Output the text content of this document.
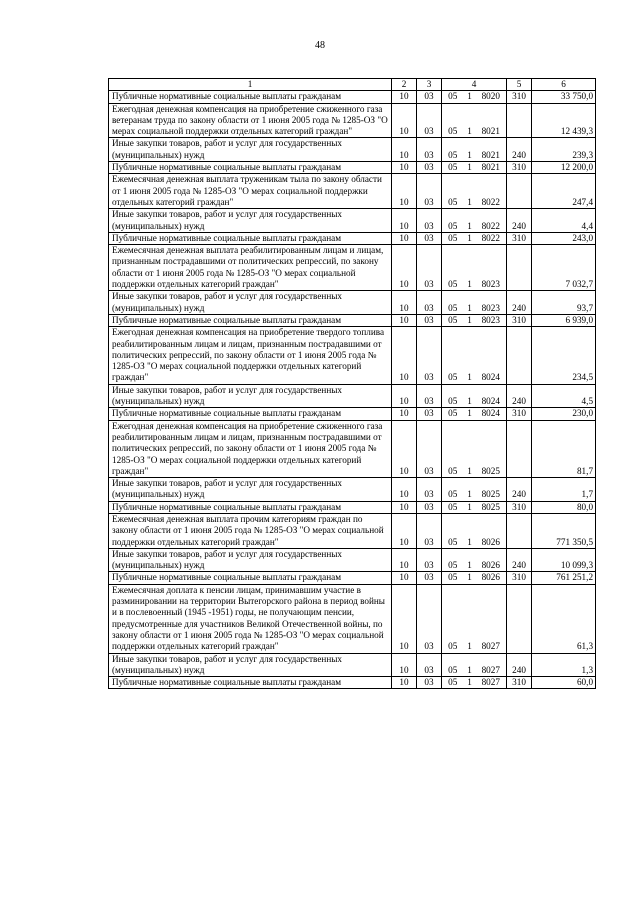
48
1	2	3	4			5	6
Публичные нормативные социальные выплаты гражданам	10	03	05	1	8020	310	33 750,0
Ежегодная денежная компенсация на приобретение сжиженного газа ветеранам труда по закону области от 1 июня 2005 года № 1285-ОЗ "О мерах социальной поддержки отдельных категорий граждан"	10	03	05	1	8021		12 439,3
Иные закупки товаров, работ и услуг для государственных (муниципальных) нужд	10	03	05	1	8021	240	239,3
Публичные нормативные социальные выплаты гражданам	10	03	05	1	8021	310	12 200,0
Ежемесячная денежная выплата труженикам тыла по закону области от 1 июня 2005 года № 1285-ОЗ "О мерах социальной поддержки отдельных категорий граждан"	10	03	05	1	8022		247,4
Иные закупки товаров, работ и услуг для государственных (муниципальных) нужд	10	03	05	1	8022	240	4,4
Публичные нормативные социальные выплаты гражданам	10	03	05	1	8022	310	243,0
Ежемесячная денежная выплата реабилитированным лицам и лицам, признанным пострадавшими от политических репрессий, по закону области от 1 июня 2005 года № 1285-ОЗ "О мерах социальной поддержки отдельных категорий граждан"	10	03	05	1	8023		7 032,7
Иные закупки товаров, работ и услуг для государственных (муниципальных) нужд	10	03	05	1	8023	240	93,7
Публичные нормативные социальные выплаты гражданам	10	03	05	1	8023	310	6 939,0
Ежегодная денежная компенсация на приобретение твердого топлива реабилитированным лицам и лицам, признанным пострадавшими от политических репрессий, по закону области от 1 июня 2005 года № 1285-ОЗ "О мерах социальной поддержки отдельных категорий граждан"	10	03	05	1	8024		234,5
Иные закупки товаров, работ и услуг для государственных (муниципальных) нужд	10	03	05	1	8024	240	4,5
Публичные нормативные социальные выплаты гражданам	10	03	05	1	8024	310	230,0
Ежегодная денежная компенсация на приобретение сжиженного газа реабилитированным лицам и лицам, признанным пострадавшими от политических репрессий, по закону области от 1 июня 2005 года № 1285-ОЗ "О мерах социальной поддержки отдельных категорий граждан"	10	03	05	1	8025		81,7
Иные закупки товаров, работ и услуг для государственных (муниципальных) нужд	10	03	05	1	8025	240	1,7
Публичные нормативные социальные выплаты гражданам	10	03	05	1	8025	310	80,0
Ежемесячная денежная выплата прочим категориям граждан по закону области от 1 июня 2005 года № 1285-ОЗ "О мерах социальной поддержки отдельных категорий граждан"	10	03	05	1	8026		771 350,5
Иные закупки товаров, работ и услуг для государственных (муниципальных) нужд	10	03	05	1	8026	240	10 099,3
Публичные нормативные социальные выплаты гражданам	10	03	05	1	8026	310	761 251,2
Ежемесячная доплата к пенсии лицам, принимавшим участие в разминировании на территории Вытегорского района в период войны и в послевоенный (1945 -1951) годы, не получающим пенсии, предусмотренные для участников Великой Отечественной войны, по закону области от 1 июня 2005 года № 1285-ОЗ "О мерах социальной поддержки отдельных категорий граждан"	10	03	05	1	8027		61,3
Иные закупки товаров, работ и услуг для государственных (муниципальных) нужд	10	03	05	1	8027	240	1,3
Публичные нормативные социальные выплаты гражданам	10	03	05	1	8027	310	60,0
